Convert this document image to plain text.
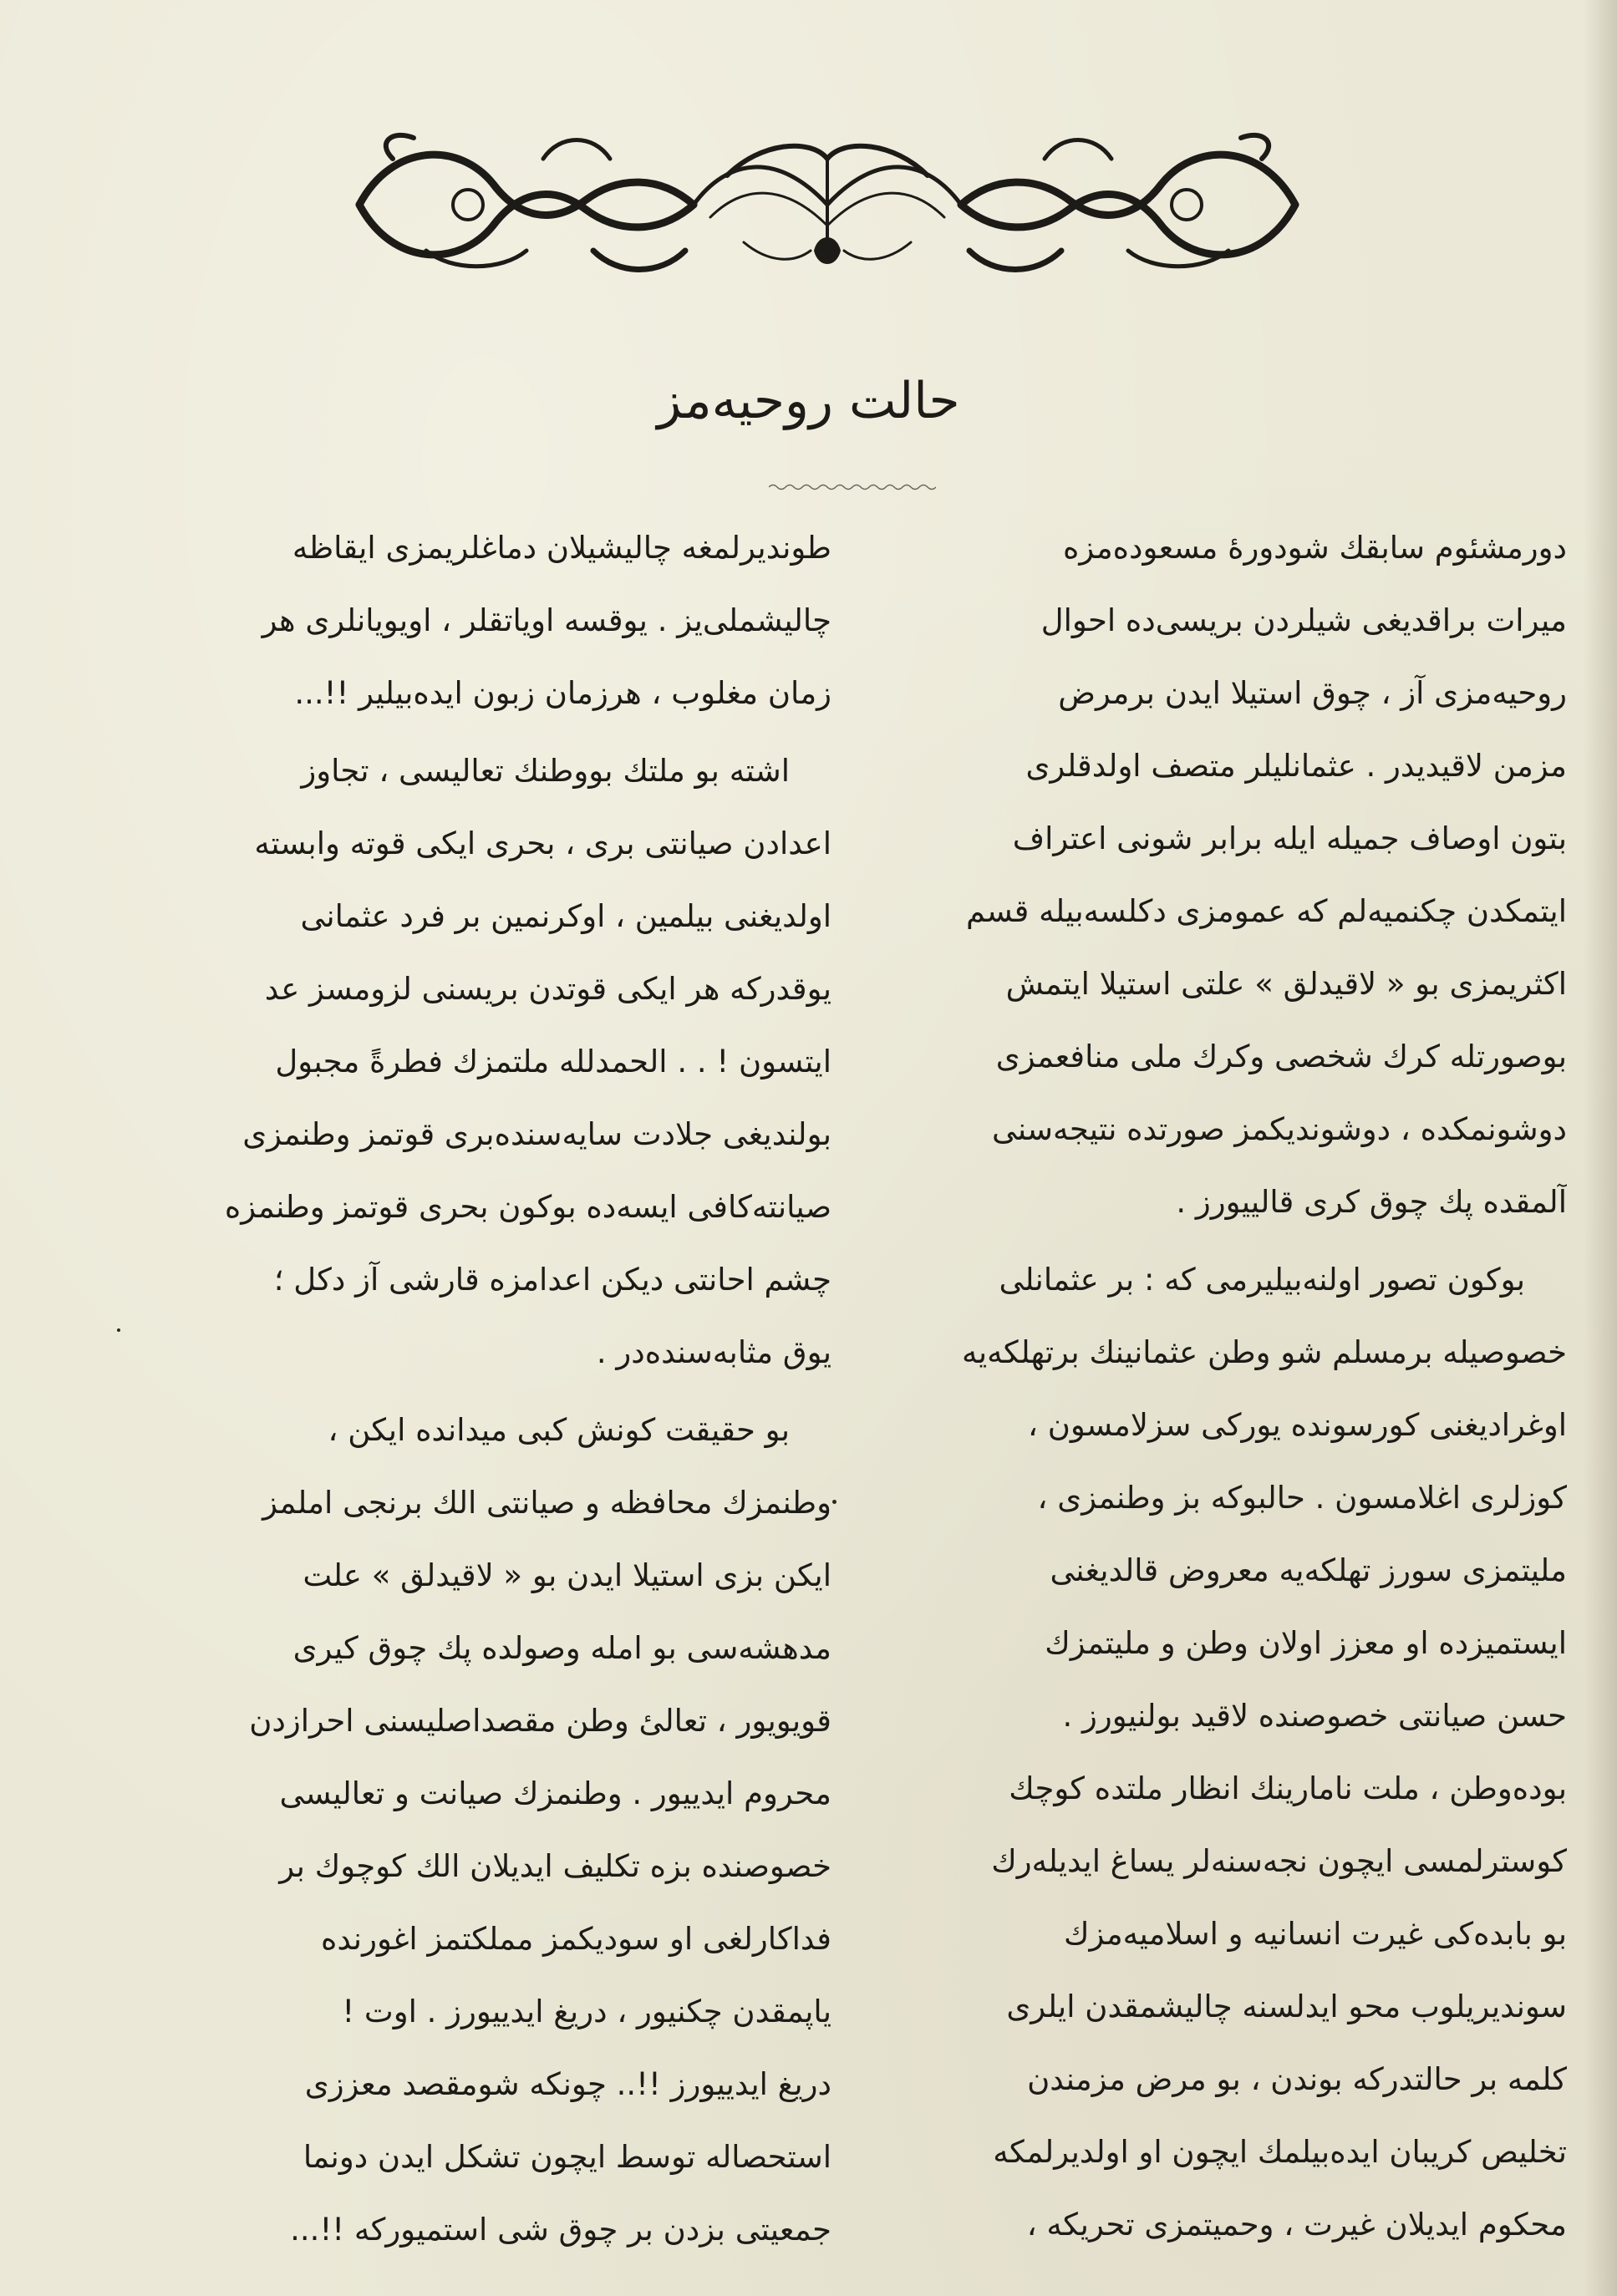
حالت روحیه‌مز
دورمشئوم سابقك شودورهٔ مسعوده‌مزه
میرات براقدیغی شیلردن بریسی‌ده احوال
روحیه‌مزی آز ، چوق استیلا ایدن برمرض
مزمن لاقیدیدر . عثمانلیلر متصف اولدقلری
بتون اوصاف جمیله ایله برابر شونی اعتراف
ایتمکدن چکنمیه‌لم که عمومزی دکلسه‌بیله قسم
اکثریمزی بو « لاقیدلق » علتی استیلا ایتمش
بوصورتله کرك شخصی وکرك ملی منافعمزی
دوشونمکده ، دوشوندیکمز صورتده نتیجه‌سنی
آلمقده پك چوق کری قالییورز .
بوکون تصور اولنه‌بیلیرمی که : بر عثمانلی
خصوصیله برمسلم شو وطن عثمانینك برتهلکه‌یه
اوغرادیغنی کورسونده یورکی سزلامسون ،
کوزلری اغلامسون . حالبوکه بز وطنمزی ،
ملیتمزی سورز تهلکه‌یه معروض قالدیغنی
ایستمیزده او معزز اولان وطن و ملیتمزك
حسن صیانتی خصوصنده لاقید بولنیورز .
بوده‌وطن ، ملت نامارینك انظار ملتده کوچك
کوسترلمسی ایچون نجه‌سنه‌لر یساغ ایدیله‌رك
بو بابده‌کی غیرت انسانیه و اسلامیه‌مزك
سوندیریلوب محو ایدلسنه چالیشمقدن ایلری
کلمه بر حالتدرکه بوندن ، بو مرض مزمندن
تخلیص کریبان ایده‌بیلمك ایچون او‌ اولدیرلمکه
محکوم ایدیلان غیرت ، وحمیتمزی تحریکه ،
طوندیرلمغه چالیشیلان دماغلریمزی ایقاظه
چالیشملی‌یز . یوقسه اویاتقلر ، اویویانلری هر
زمان مغلوب ، هرزمان زبون ایده‌بیلیر !!...
اشته بو ملتك بووطنك تعالیسی ، تجاوز
اعدادن صیانتی بری ، بحری ایکی قوته وابسته
اولدیغنی بیلمین ، اوکرنمین بر فرد عثمانی
یوقدرکه هر ایکی قوتدن بریسنی لزومسز عد
ایتسون ! . . الحمدلله ملتمزك فطرةً مجبول
بولندیغی جلادت سایه‌سنده‌بری قوتمز وطنمزی
صیانته‌کافی ایسه‌ده بوکون بحری قوتمز وطنمزه
چشم احانتی دیکن اعدامزه قارشی آز دکل ؛
یوق مثابه‌سنده‌در .
بو حقیقت کونش کبی میدانده ایکن ،
وطنمزك محافظه و صیانتی الك برنجی املمز
ایکن بزی استیلا ایدن بو « لاقیدلق » علت
مدهشه‌سی بو امله وصولده پك چوق کیری
قویویور ، تعالیٔ وطن مقصداصلیسنی احرازدن
محروم ایدییور . وطنمزك صیانت و تعالیسی
خصوصنده بزه تکلیف ایدیلان الك کوچوك بر
فداکارلغی او سودیکمز مملکتمز اغورنده
یاپمقدن چکنیور ، دریغ ایدییورز . اوت !
دریغ ایدییورز !!.. چونکه شومقصد معززی
استحصاله توسط ایچون تشکل ایدن دونما
جمعیتی بزدن بر چوق شی استمیورکه !!...
